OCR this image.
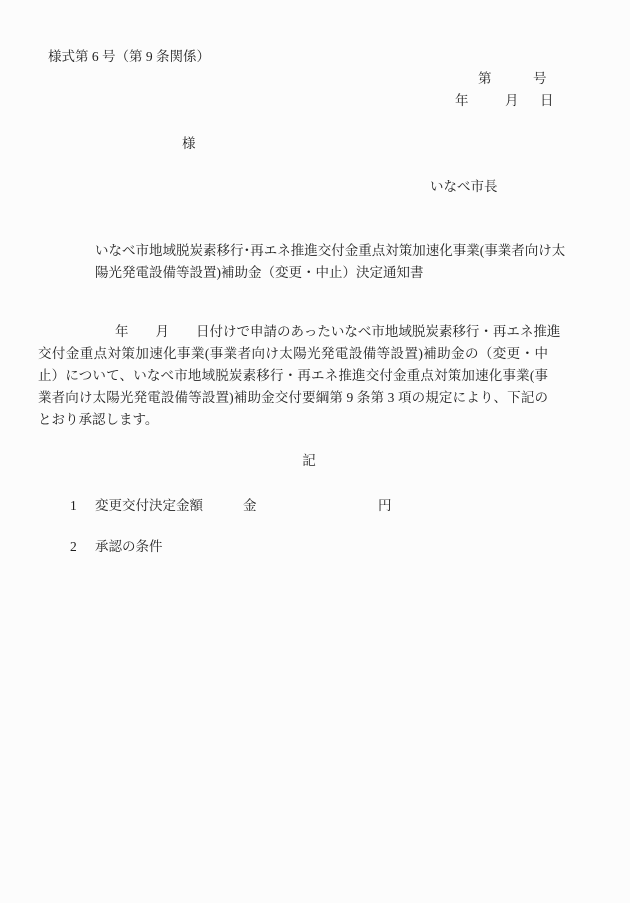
様式第 6 号（第 9 条関係）
第	号
年	月 日
様
いなべ市長
いなべ市地域脱炭素移行･再エネ推進交付金重点対策加速化事業(事業者向け太
陽光発電設備等設置)補助金（変更・中止）決定通知書
年　　月　　日付けで申請のあったいなべ市地域脱炭素移行・再エネ推進
交付金重点対策加速化事業(事業者向け太陽光発電設備等設置)補助金の（変更・中
止）について、いなべ市地域脱炭素移行・再エネ推進交付金重点対策加速化事業(事
業者向け太陽光発電設備等設置)補助金交付要綱第 9 条第 3 項の規定により、下記の
とおり承認します。
記
1 変更交付決定金額	金	円
2 承認の条件
